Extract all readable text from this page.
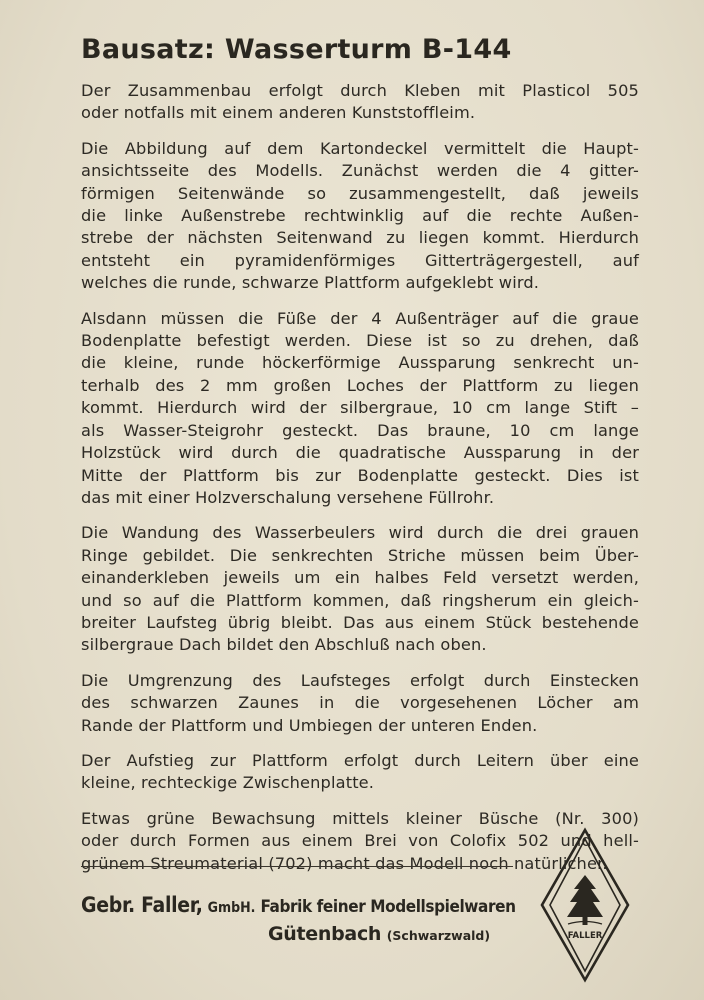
Bausatz: Wasserturm B-144
Der Zusammenbau erfolgt durch Kleben mit Plasticol 505
oder notfalls mit einem anderen Kunststoffleim.
Die Abbildung auf dem Kartondeckel vermittelt die Haupt-
ansichtsseite des Modells. Zunächst werden die 4 gitter-
förmigen Seitenwände so zusammengestellt, daß jeweils
die linke Außenstrebe rechtwinklig auf die rechte Außen-
strebe der nächsten Seitenwand zu liegen kommt. Hierdurch
entsteht ein pyramidenförmiges Gitterträgergestell, auf
welches die runde, schwarze Plattform aufgeklebt wird.
Alsdann müssen die Füße der 4 Außenträger auf die graue
Bodenplatte befestigt werden. Diese ist so zu drehen, daß
die kleine, runde höckerförmige Aussparung senkrecht un-
terhalb des 2 mm großen Loches der Plattform zu liegen
kommt. Hierdurch wird der silbergraue, 10 cm lange Stift –
als Wasser-Steigrohr gesteckt. Das braune, 10 cm lange
Holzstück wird durch die quadratische Aussparung in der
Mitte der Plattform bis zur Bodenplatte gesteckt. Dies ist
das mit einer Holzverschalung versehene Füllrohr.
Die Wandung des Wasserbeulers wird durch die drei grauen
Ringe gebildet. Die senkrechten Striche müssen beim Über-
einanderkleben jeweils um ein halbes Feld versetzt werden,
und so auf die Plattform kommen, daß ringsherum ein gleich-
breiter Laufsteg übrig bleibt. Das aus einem Stück bestehende
silbergraue Dach bildet den Abschluß nach oben.
Die Umgrenzung des Laufsteges erfolgt durch Einstecken
des schwarzen Zaunes in die vorgesehenen Löcher am
Rande der Plattform und Umbiegen der unteren Enden.
Der Aufstieg zur Plattform erfolgt durch Leitern über eine
kleine, rechteckige Zwischenplatte.
Etwas grüne Bewachsung mittels kleiner Büsche (Nr. 300)
oder durch Formen aus einem Brei von Colofix 502 und hell-
grünem Streumaterial (702) macht das Modell noch natürlicher.
Gebr. Faller, GmbH. Fabrik feiner Modellspielwaren
Gütenbach (Schwarzwald)	FALLER
